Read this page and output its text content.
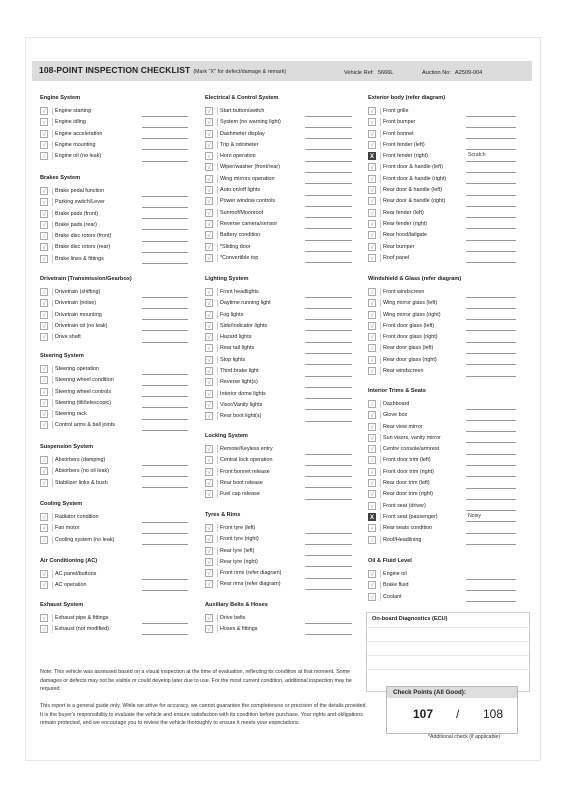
108-POINT INSPECTION CHECKLIST (Mark "X" for defect/damage & remark)	Vehicle Ref: 5666L	Auction No: A2509-004
Engine System
√	Engine starting
√	Engine idling
√	Engine acceleration
√	Engine mounting
√	Engine oil (no leak)
Brakes System
√	Brake pedal function
√	Parking switch/Lever
√	Brake pads (front)
√	Brake pads (rear)
√	Brake disc rotors (front)
√	Brake disc rotors (rear)
√	Brake lines & fittings
Drivetrain (Transmission/Gearbox)
√	Drivetrain (shifting)
√	Drivetrain (noise)
√	Drivetrain mounting
√	Drivetrain oil (no leak)
√	Drive shaft
Steering System
√	Steering operation
√	Steering wheel condition
√	Steering wheel controls
√	Steering (tilt/telescopic)
√	Steering rack
√	Control arms & ball joints
Suspension System
√	Absorbers (damping)
√	Absorbers (no oil leak)
√	Stabilizer links & bush
Cooling System
√	Radiator condition
√	Fan motor
√	Cooling system (no leak)
Air Conditioning (AC)
√	AC panel/buttons
√	AC operation
Exhaust System
√	Exhaust pipe & fittings
√	Exhaust (not modified)
Electrical & Control System
√	Start button/switch
√	System (no warning light)
√	Dashmeter display
√	Trip & odometer
√	Horn operation
√	Wiper/washer (front/rear)
√	Wing mirrors operation
√	Auto on/off lights
√	Power window controls
√	Sunroof/Moonroof
√	Reverse camera/sensor
√	Battery condition
√	*Sliding door
√	*Convertible top
Lighting System
√	Front headlights
√	Daytime running light
√	Fog lights
√	Side/Indicator lights
√	Hazard lights
√	Rear tail lights
√	Stop lights
√	Third brake light
√	Reverse light(s)
√	Interior dome lights
√	Visor/Vanity lights
√	Rear boot light(s)
Locking System
√	Remote/Keyless entry
√	Central lock operation
√	Front bonnet release
√	Rear boot release
√	Fuel cap release
Tyres & Rims
√	Front tyre (left)
√	Front tyre (right)
√	Rear tyre (left)
√	Rear tyre (right)
√	Front rims (refer diagram)
√	Rear rims (refer diagram)
Auxiliary Belts & Hoses
√	Drive belts
√	Hoses & fittings
Exterior body (refer diagram)
√	Front grille
√	Front bumper
√	Front bonnet
√	Front fender (left)
X	Front fender (right)	Scratch
√	Front door & handle (left)
√	Front door & handle (right)
√	Rear door & handle (left)
√	Rear door & handle (right)
√	Rear fender (left)
√	Rear fender (right)
√	Rear hood/tailgate
√	Rear bumper
√	Roof panel
Windshield & Glass (refer diagram)
√	Front windscreen
√	Wing mirror glass (left)
√	Wing mirror glass (right)
√	Front door glass (left)
√	Front door glass (right)
√	Rear door glass (left)
√	Rear door glass (right)
√	Rear windscreen
Interior Trims & Seats
√	Dashboard
√	Glove box
√	Rear view mirror
√	Sun visors, vanity mirror
√	Centre console/armrest
√	Front door trim (left)
√	Front door trim (right)
√	Rear door trim (left)
√	Rear door trim (right)
√	Front seat (driver)
X	Front seat (passenger)	Noisy
√	Rear seats condition
√	Roof/Headlining
Oil & Fluid Level
√	Engine oil
√	Brake fluid
√	Coolant
On-board Diagnostics (ECU)
Note: This vehicle was assessed based on a visual inspection at the time of evaluation, reflecting its condition at that moment. Some damages or defects may not be visible or could develop later due to use. For the most current condition, additional inspection may be required.
This report is a general guide only. While we strive for accuracy, we cannot guarantee the completeness or precision of the details provided. It is the buyer's responsibility to evaluate the vehicle and ensure satisfaction with its condition before purchase. Your rights and obligations remain protected, and we encourage you to review the vehicle thoroughly to ensure it meets your expectations.
Check Points (All Good):
107 / 108
*Additional check (if applicable)
